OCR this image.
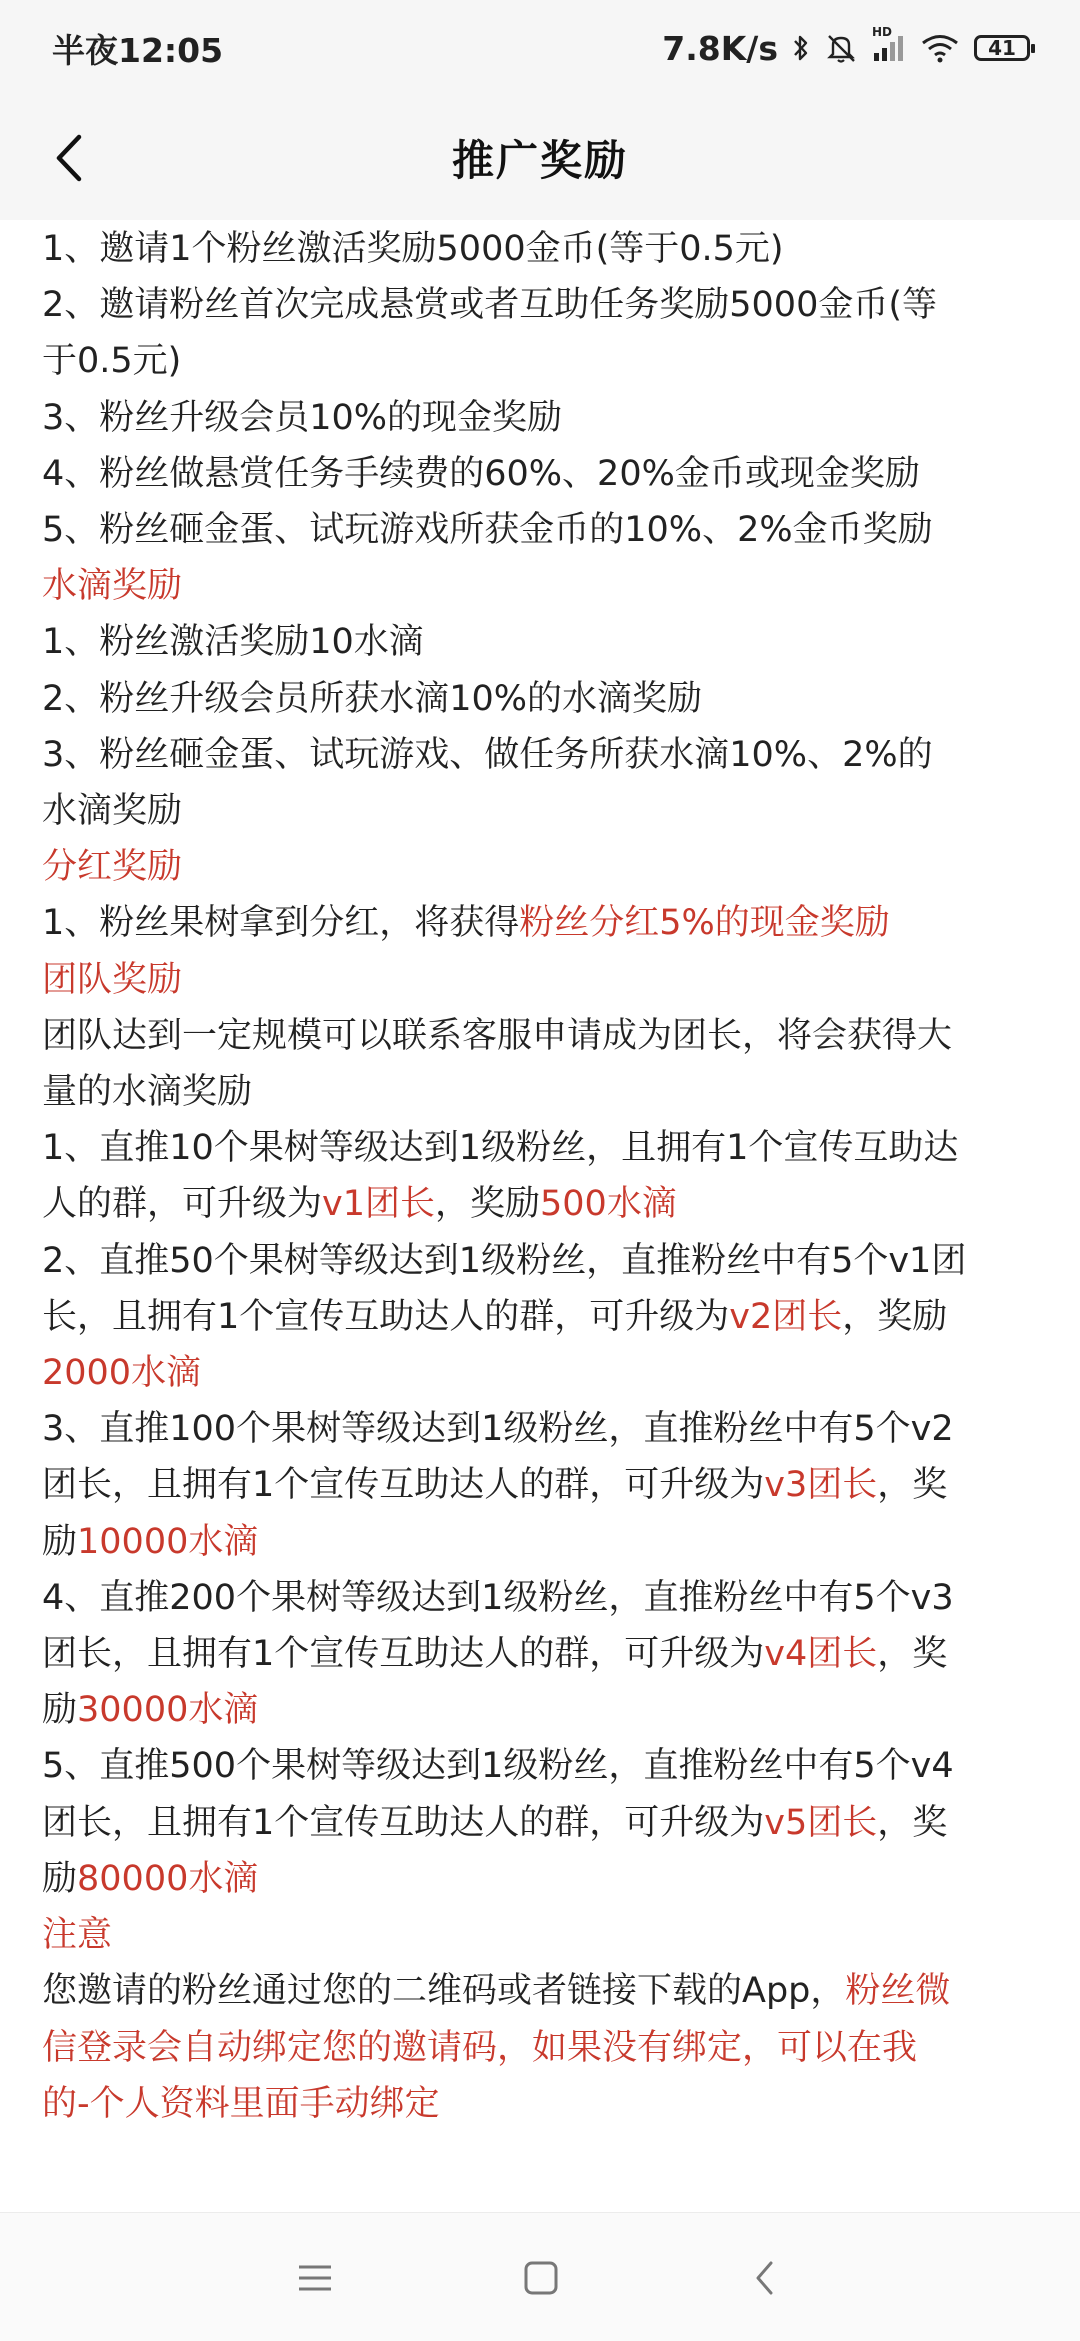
半夜12:05	7.8K/s	HD
41
推广奖励
1、邀请1个粉丝激活奖励5000金币(等于0.5元)
2、邀请粉丝首次完成悬赏或者互助任务奖励5000金币(等
于0.5元)
3、粉丝升级会员10%的现金奖励
4、粉丝做悬赏任务手续费的60%、20%金币或现金奖励
5、粉丝砸金蛋、试玩游戏所获金币的10%、2%金币奖励
水滴奖励
1、粉丝激活奖励10水滴
2、粉丝升级会员所获水滴10%的水滴奖励
3、粉丝砸金蛋、试玩游戏、做任务所获水滴10%、2%的
水滴奖励
分红奖励
1、粉丝果树拿到分红，将获得粉丝分红5%的现金奖励
团队奖励
团队达到一定规模可以联系客服申请成为团长，将会获得大
量的水滴奖励
1、直推10个果树等级达到1级粉丝，且拥有1个宣传互助达
人的群，可升级为v1团长，奖励500水滴
2、直推50个果树等级达到1级粉丝，直推粉丝中有5个v1团
长，且拥有1个宣传互助达人的群，可升级为v2团长，奖励
2000水滴
3、直推100个果树等级达到1级粉丝，直推粉丝中有5个v2
团长，且拥有1个宣传互助达人的群，可升级为v3团长，奖
励10000水滴
4、直推200个果树等级达到1级粉丝，直推粉丝中有5个v3
团长，且拥有1个宣传互助达人的群，可升级为v4团长，奖
励30000水滴
5、直推500个果树等级达到1级粉丝，直推粉丝中有5个v4
团长，且拥有1个宣传互助达人的群，可升级为v5团长，奖
励80000水滴
注意
您邀请的粉丝通过您的二维码或者链接下载的App，粉丝微
信登录会自动绑定您的邀请码，如果没有绑定，可以在我
的-个人资料里面手动绑定
